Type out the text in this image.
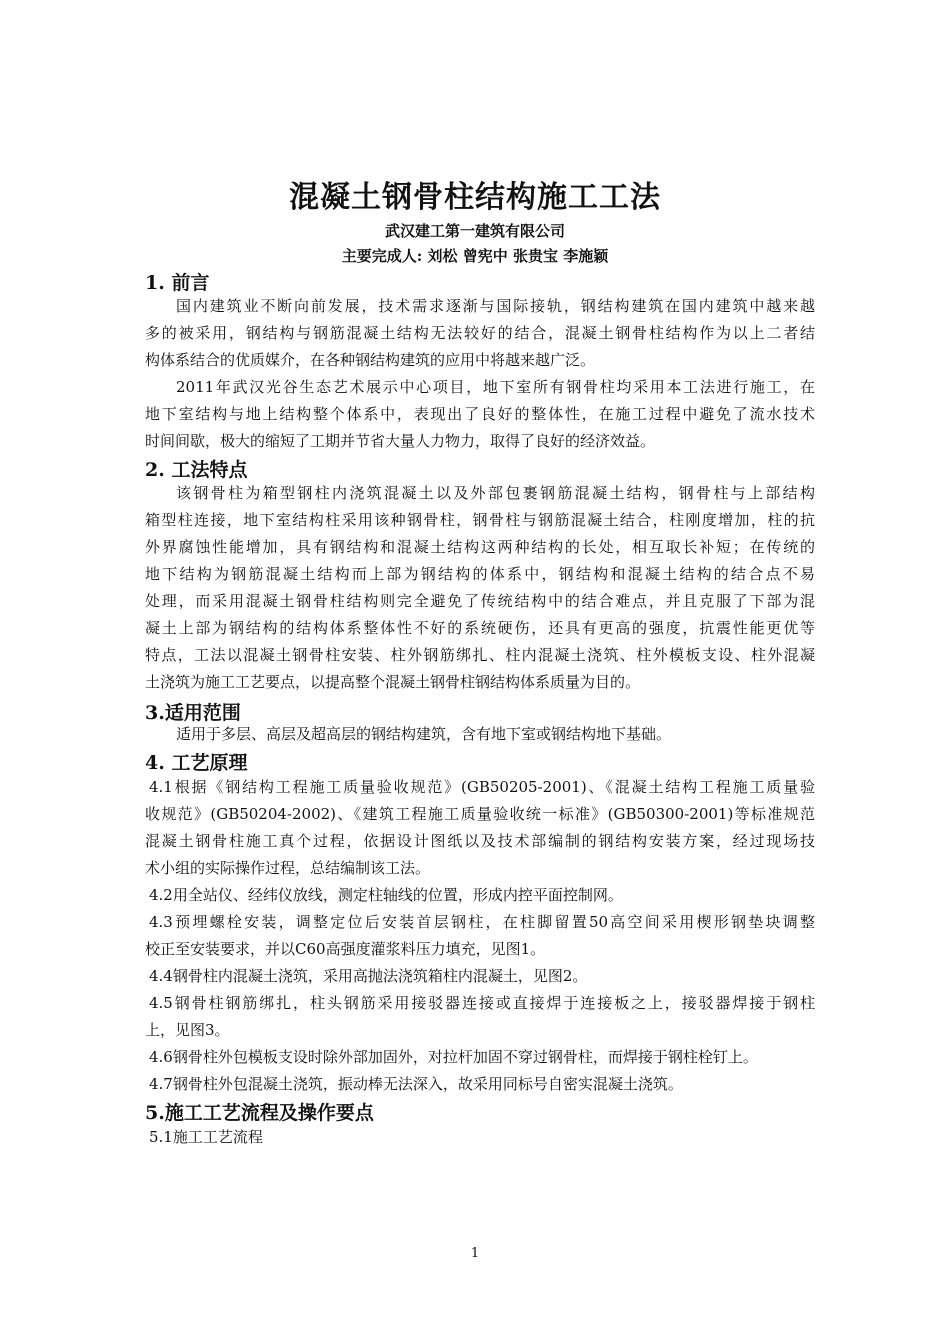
混凝土钢骨柱结构施工工法
武汉建工第一建筑有限公司
主要完成人: 刘松 曾宪中 张贵宝 李施颖
1. 前言
国内建筑业不断向前发展，技术需求逐渐与国际接轨，钢结构建筑在国内建筑中越来越
多的被采用，钢结构与钢筋混凝土结构无法较好的结合，混凝土钢骨柱结构作为以上二者结
构体系结合的优质媒介，在各种钢结构建筑的应用中将越来越广泛。
2011年武汉光谷生态艺术展示中心项目，地下室所有钢骨柱均采用本工法进行施工，在
地下室结构与地上结构整个体系中，表现出了良好的整体性，在施工过程中避免了流水技术
时间间歇，极大的缩短了工期并节省大量人力物力，取得了良好的经济效益。
2. 工法特点
该钢骨柱为箱型钢柱内浇筑混凝土以及外部包裹钢筋混凝土结构，钢骨柱与上部结构
箱型柱连接，地下室结构柱采用该种钢骨柱，钢骨柱与钢筋混凝土结合，柱刚度增加，柱的抗
外界腐蚀性能增加，具有钢结构和混凝土结构这两种结构的长处，相互取长补短；在传统的
地下结构为钢筋混凝土结构而上部为钢结构的体系中，钢结构和混凝土结构的结合点不易
处理，而采用混凝土钢骨柱结构则完全避免了传统结构中的结合难点，并且克服了下部为混
凝土上部为钢结构的结构体系整体性不好的系统硬伤，还具有更高的强度，抗震性能更优等
特点，工法以混凝土钢骨柱安装、柱外钢筋绑扎、柱内混凝土浇筑、柱外模板支设、柱外混凝
土浇筑为施工工艺要点，以提高整个混凝土钢骨柱钢结构体系质量为目的。
3.适用范围
适用于多层、高层及超高层的钢结构建筑，含有地下室或钢结构地下基础。
4. 工艺原理
4.1根据《钢结构工程施工质量验收规范》(GB50205-2001)、《混凝土结构工程施工质量验
收规范》(GB50204-2002)、《建筑工程施工质量验收统一标准》(GB50300-2001)等标准规范
混凝土钢骨柱施工真个过程，依据设计图纸以及技术部编制的钢结构安装方案，经过现场技
术小组的实际操作过程，总结编制该工法。
4.2用全站仪、经纬仪放线，测定柱轴线的位置，形成内控平面控制网。
4.3预埋螺栓安装，调整定位后安装首层钢柱，在柱脚留置50高空间采用楔形钢垫块调整
校正至安装要求，并以C60高强度灌浆料压力填充，见图1。
4.4钢骨柱内混凝土浇筑，采用高抛法浇筑箱柱内混凝土，见图2。
4.5钢骨柱钢筋绑扎，柱头钢筋采用接驳器连接或直接焊于连接板之上，接驳器焊接于钢柱
上，见图3。
4.6钢骨柱外包模板支设时除外部加固外，对拉杆加固不穿过钢骨柱，而焊接于钢柱栓钉上。
4.7钢骨柱外包混凝土浇筑，振动棒无法深入，故采用同标号自密实混凝土浇筑。
5.施工工艺流程及操作要点
5.1施工工艺流程
1
